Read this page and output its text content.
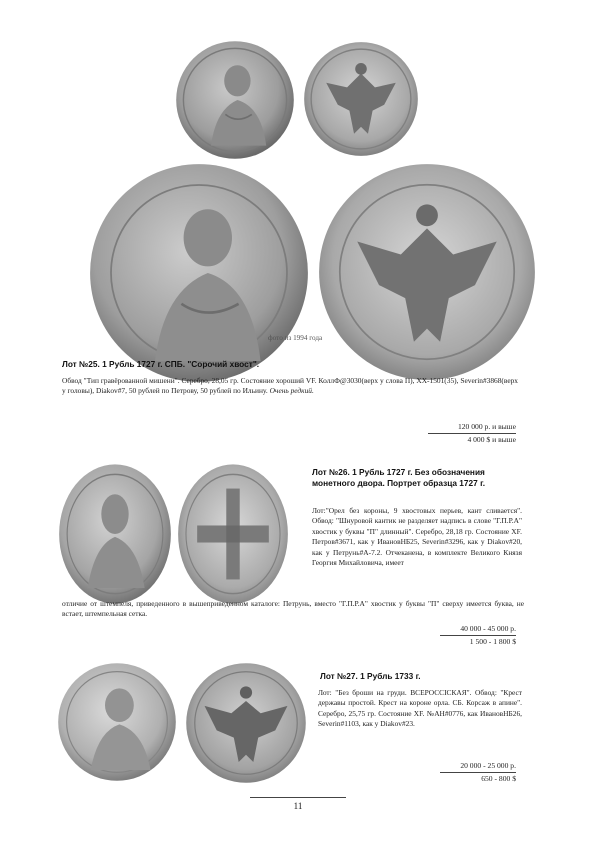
фото из 1994 года
Лот №25. 1 Рубль 1727 г. СПБ. "Сорочий хвост".
Обвод "Тип гравёрованной мишени". Серебро, 28,05 гр. Состояние хороший VF. КоллФ@3030(верх у слова П), ХХ-1501(35), Severin#3868(верх у головы), Diakov#7, 50 рублей по Петрову, 50 рублей по Ильину. Очень редкий.
120 000 р. и выше
4 000 $ и выше
Лот №26. 1 Рубль 1727 г. Без обозначения монетного двора. Портрет образца 1727 г.
Лот:"Орел без короны, 9 хвостовых перьев, кант сливается". Обвод: "Шнуровой кантик не разделяет надпись в слове "Г.П.Р.А" хвостик у буквы "П" длинный". Серебро, 28,18 гр. Состояние XF. Петров#3671, как у ИвановНБ25, Severin#3296, как у Diakov#20, как у Петрунь#A-7.2. Отчеканена, в комплекте Великого Князя Георгия Михайловича, имеет
отличие от штемпеля, приведенного в вышеприведенном каталоге: Петрунь, вместо "Г.П.Р.А" хвостик у буквы "П" сверху имеется буква, не встает, штемпельная сетка.
40 000 - 45 000 р.
1 500 - 1 800 $
Лот №27. 1 Рубль 1733 г.
Лот: "Без броши на груди. ВСЕРОССIСКАЯ". Обвод: "Крест державы простой. Крест на короне орла. СБ. Корсаж в апине". Серебро, 25,75 гр. Состояние XF. №АН#0776, как ИвановНБ26, Severin#1103, как у Diakov#23.
20 000 - 25 000 р.
650 - 800 $
11
